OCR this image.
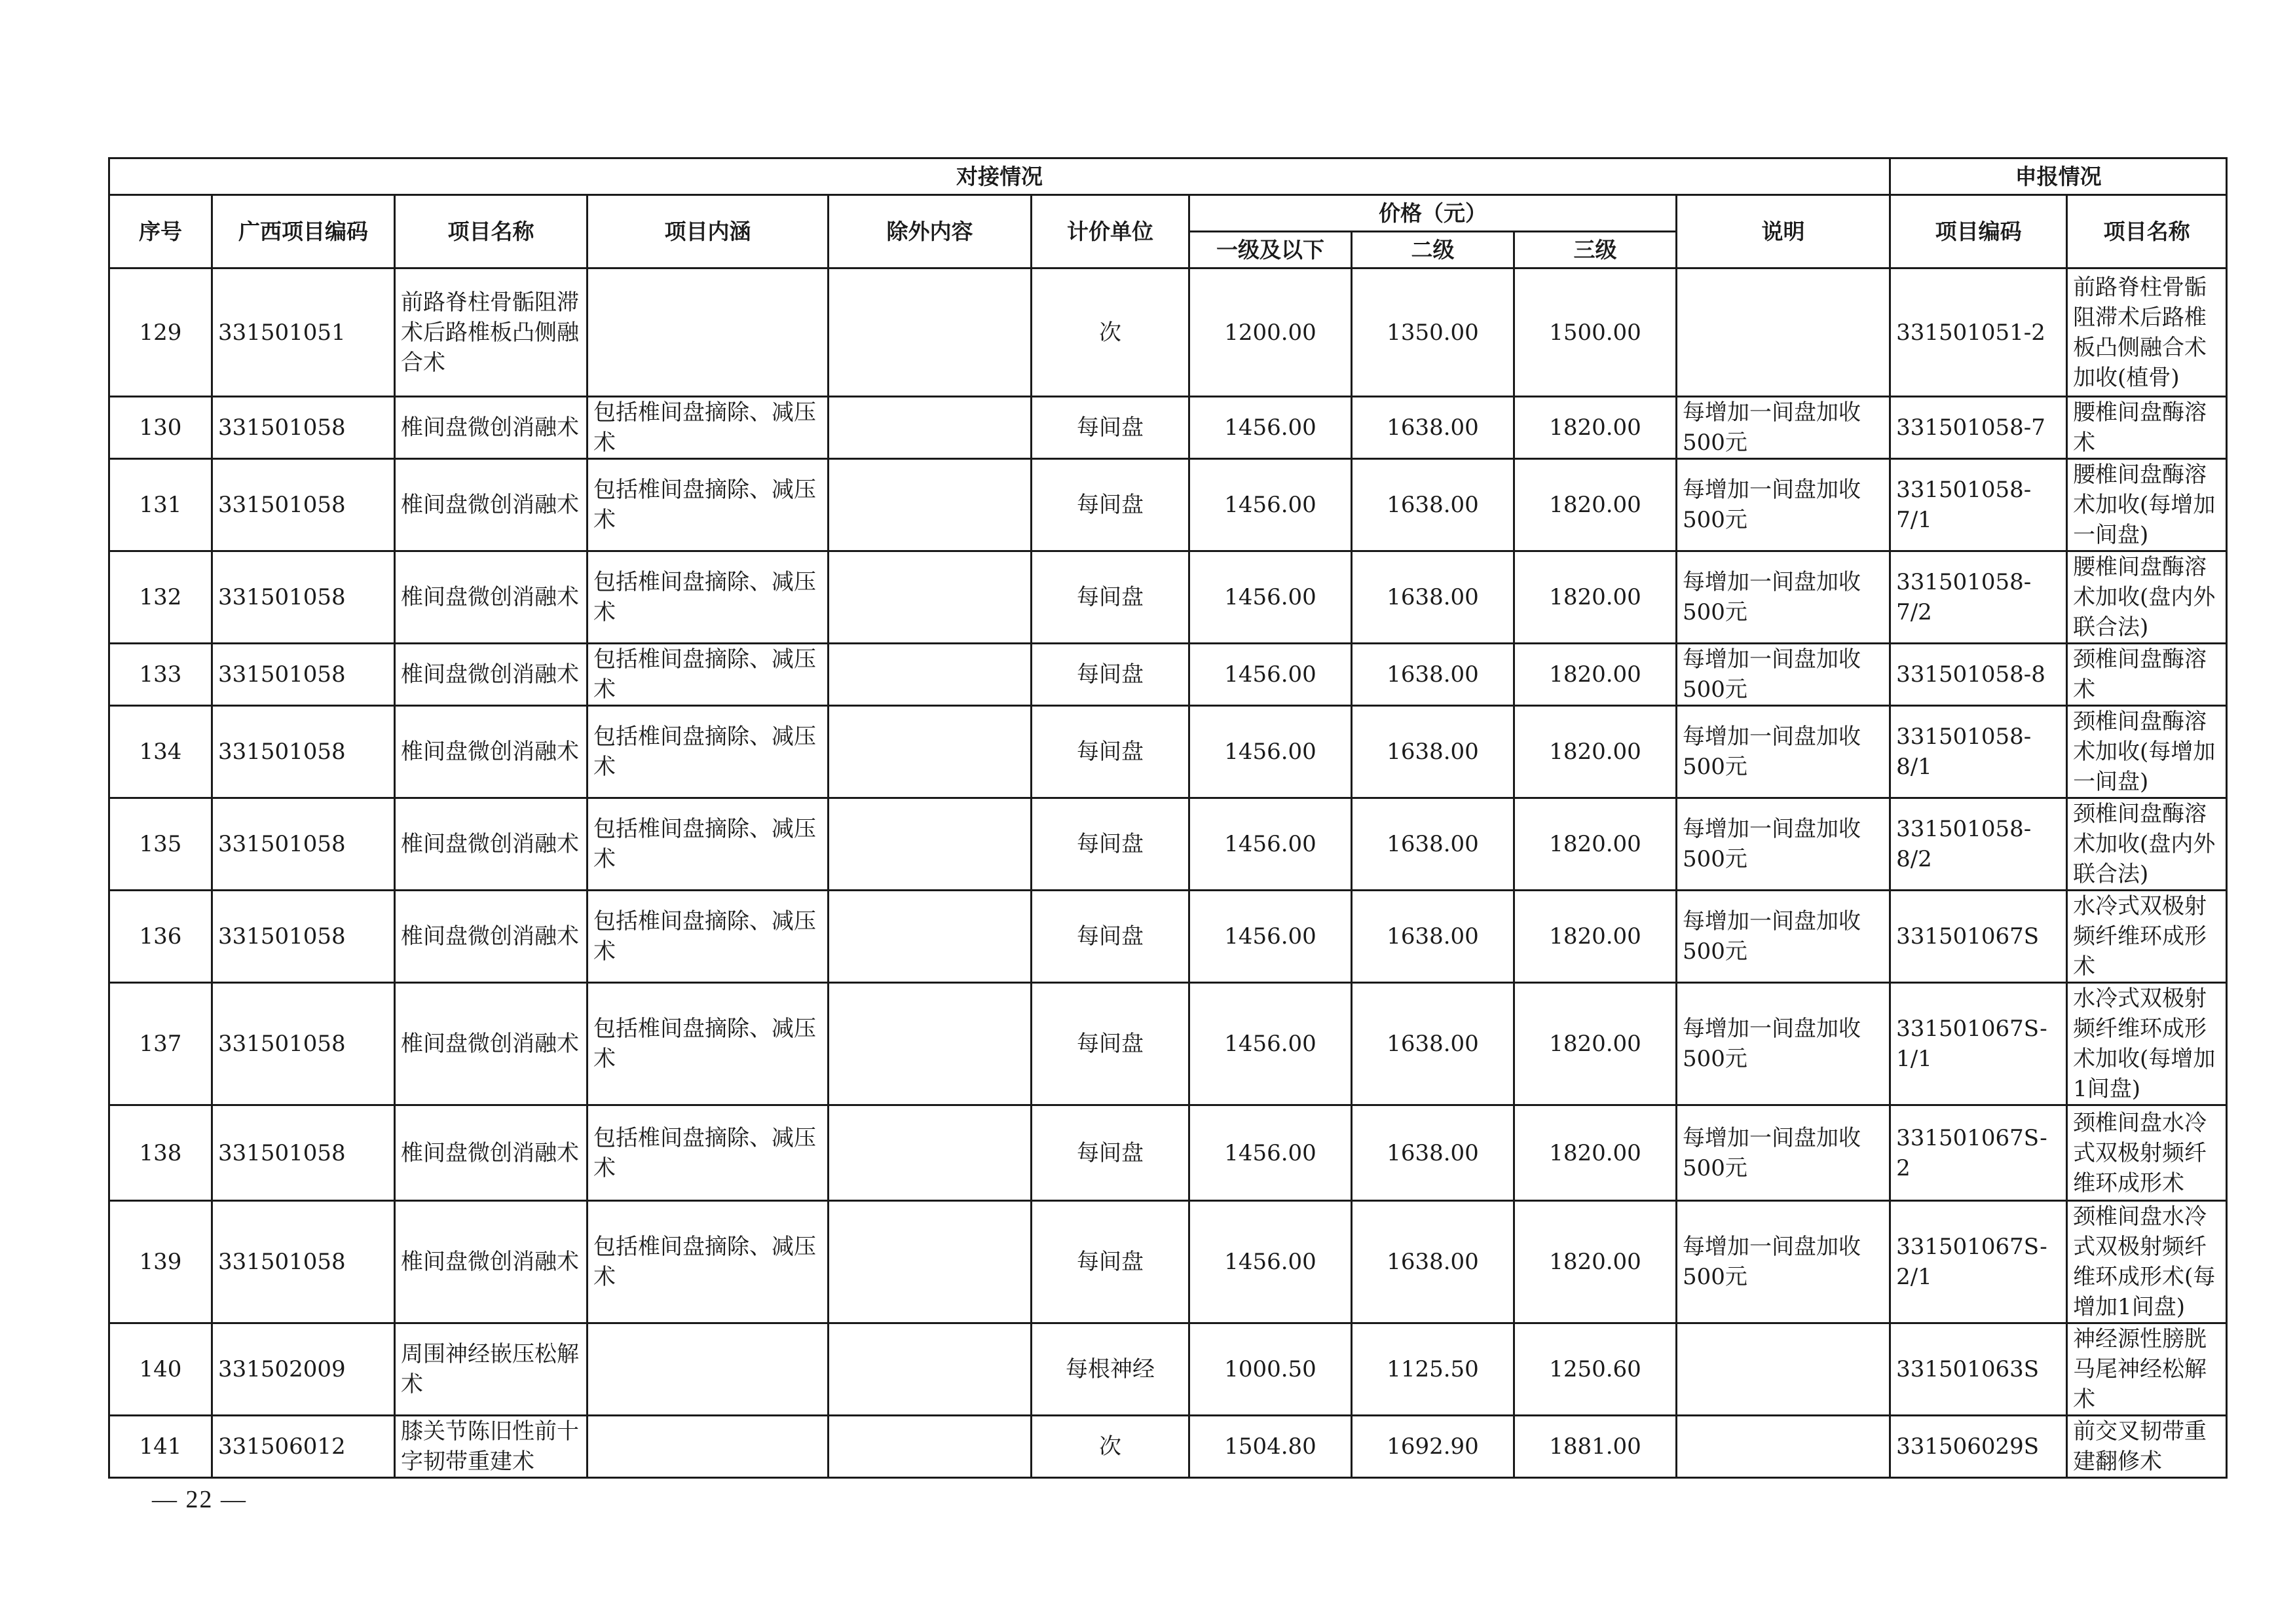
对接情况										申报情况	
序号	广西项目编码	项目名称	项目内涵	除外内容	计价单位	价格（元）			说明	项目编码	项目名称
						一级及以下	二级	三级			
129	331501051	前路脊柱骨骺阻滞术后路椎板凸侧融合术			次	1200.00	1350.00	1500.00		331501051-2	前路脊柱骨骺阻滞术后路椎板凸侧融合术加收(植骨)
130	331501058	椎间盘微创消融术	包括椎间盘摘除、减压术		每间盘	1456.00	1638.00	1820.00	每增加一间盘加收500元	331501058-7	腰椎间盘酶溶术
131	331501058	椎间盘微创消融术	包括椎间盘摘除、减压术		每间盘	1456.00	1638.00	1820.00	每增加一间盘加收500元	331501058-7/1	腰椎间盘酶溶术加收(每增加一间盘)
132	331501058	椎间盘微创消融术	包括椎间盘摘除、减压术		每间盘	1456.00	1638.00	1820.00	每增加一间盘加收500元	331501058-7/2	腰椎间盘酶溶术加收(盘内外联合法)
133	331501058	椎间盘微创消融术	包括椎间盘摘除、减压术		每间盘	1456.00	1638.00	1820.00	每增加一间盘加收500元	331501058-8	颈椎间盘酶溶术
134	331501058	椎间盘微创消融术	包括椎间盘摘除、减压术		每间盘	1456.00	1638.00	1820.00	每增加一间盘加收500元	331501058-8/1	颈椎间盘酶溶术加收(每增加一间盘)
135	331501058	椎间盘微创消融术	包括椎间盘摘除、减压术		每间盘	1456.00	1638.00	1820.00	每增加一间盘加收500元	331501058-8/2	颈椎间盘酶溶术加收(盘内外联合法)
136	331501058	椎间盘微创消融术	包括椎间盘摘除、减压术		每间盘	1456.00	1638.00	1820.00	每增加一间盘加收500元	331501067S	水冷式双极射频纤维环成形术
137	331501058	椎间盘微创消融术	包括椎间盘摘除、减压术		每间盘	1456.00	1638.00	1820.00	每增加一间盘加收500元	331501067S-1/1	水冷式双极射频纤维环成形术加收(每增加1间盘)
138	331501058	椎间盘微创消融术	包括椎间盘摘除、减压术		每间盘	1456.00	1638.00	1820.00	每增加一间盘加收500元	331501067S-2	颈椎间盘水冷式双极射频纤维环成形术
139	331501058	椎间盘微创消融术	包括椎间盘摘除、减压术		每间盘	1456.00	1638.00	1820.00	每增加一间盘加收500元	331501067S-2/1	颈椎间盘水冷式双极射频纤维环成形术(每增加1间盘)
140	331502009	周围神经嵌压松解术			每根神经	1000.50	1125.50	1250.60		331501063S	神经源性膀胱马尾神经松解术
141	331506012	膝关节陈旧性前十字韧带重建术			次	1504.80	1692.90	1881.00		331506029S	前交叉韧带重建翻修术
— 22 —
